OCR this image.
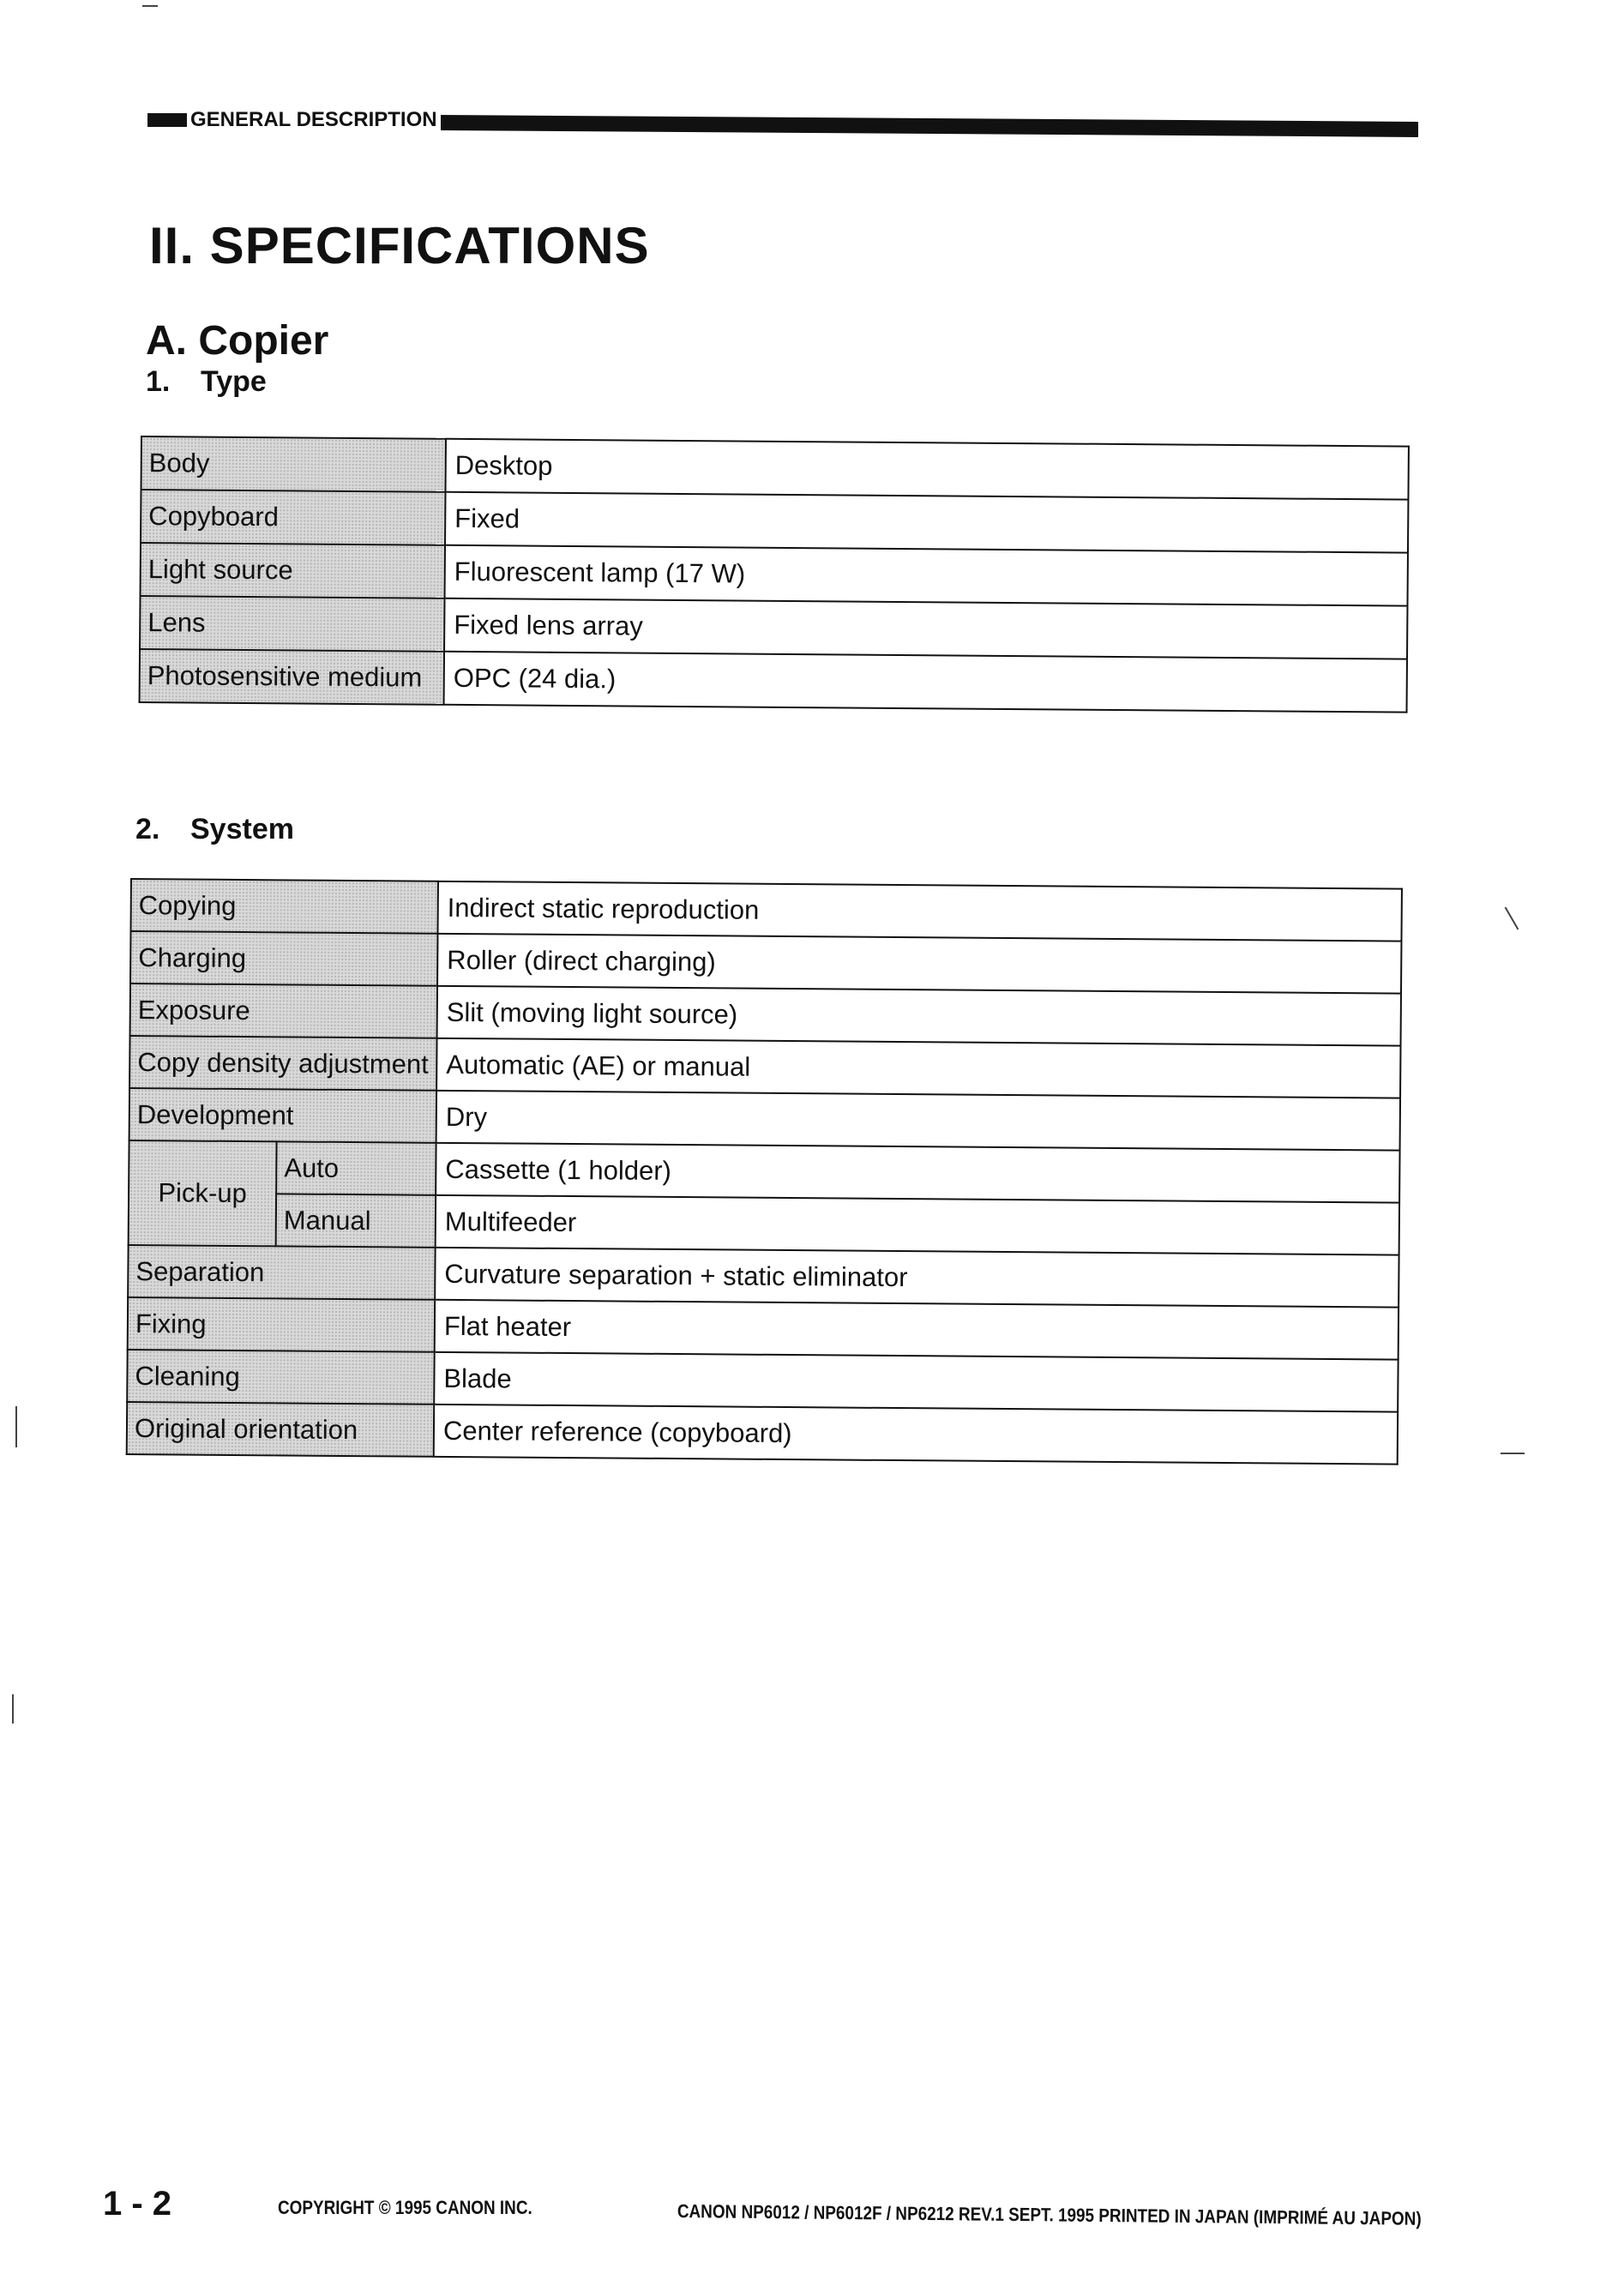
GENERAL DESCRIPTION
II. SPECIFICATIONS
A. Copier
1. Type
Body	Desktop
Copyboard	Fixed
Light source	Fluorescent lamp (17 W)
Lens	Fixed lens array
Photosensitive medium	OPC (24 dia.)
2. System
Copying		Indirect static reproduction
Charging		Roller (direct charging)
Exposure		Slit (moving light source)
Copy density adjustment		Automatic (AE) or manual
Development		Dry
Pick-up	Auto	Cassette (1 holder)
	Manual	Multifeeder
Separation		Curvature separation + static eliminator
Fixing		Flat heater
Cleaning		Blade
Original orientation		Center reference (copyboard)
1 - 2	COPYRIGHT © 1995 CANON INC.	CANON NP6012 / NP6012F / NP6212 REV.1 SEPT. 1995 PRINTED IN JAPAN (IMPRIMÉ AU JAPON)
